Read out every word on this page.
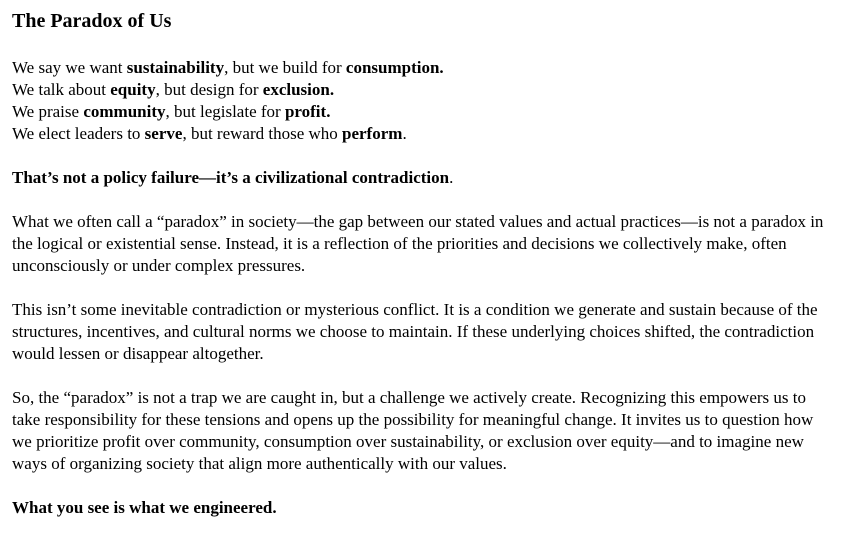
The Paradox of Us
We say we want sustainability, but we build for consumption.
We talk about equity, but design for exclusion.
We praise community, but legislate for profit.
We elect leaders to serve, but reward those who perform.

That’s not a policy failure—it’s a civilizational contradiction.

What we often call a “paradox” in society—the gap between our stated values and actual practices—is not a paradox in the logical or existential sense. Instead, it is a reflection of the priorities and decisions we collectively make, often unconsciously or under complex pressures.

This isn’t some inevitable contradiction or mysterious conflict. It is a condition we generate and sustain because of the structures, incentives, and cultural norms we choose to maintain. If these underlying choices shifted, the contradiction would lessen or disappear altogether.

So, the “paradox” is not a trap we are caught in, but a challenge we actively create. Recognizing this empowers us to take responsibility for these tensions and opens up the possibility for meaningful change. It invites us to question how we prioritize profit over community, consumption over sustainability, or exclusion over equity—and to imagine new ways of organizing society that align more authentically with our values.

What you see is what we engineered.
